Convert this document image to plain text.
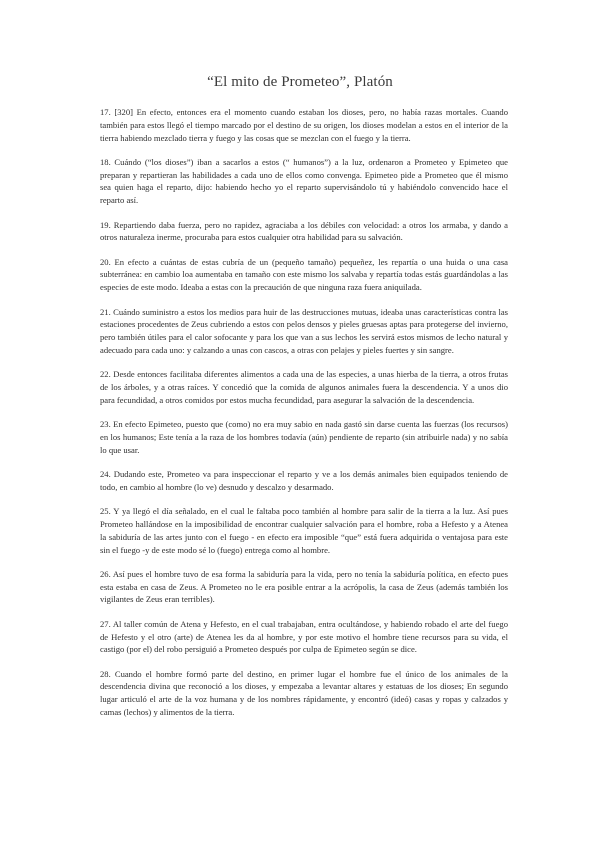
“El mito de Prometeo”, Platón

17. [320] En efecto, entonces era el momento cuando estaban los dioses, pero, no había razas mortales. Cuando también para estos llegó el tiempo marcado por el destino de su origen, los dioses modelan a estos en el interior de la tierra habiendo mezclado tierra y fuego y las cosas que se mezclan con el fuego y la tierra.

18. Cuándo (“los dioses”) iban a sacarlos a estos (“ humanos”) a la luz, ordenaron a Prometeo y Epimeteo que preparan y repartieran las habilidades a cada uno de ellos como convenga. Epimeteo pide a Prometeo que él mismo sea quien haga el reparto, dijo: habiendo hecho yo el reparto supervisándolo tú y habiéndolo convencido hace el reparto así.

19. Repartiendo daba fuerza, pero no rapidez, agraciaba a los débiles con velocidad: a otros los armaba, y dando a otros naturaleza inerme, procuraba para estos cualquier otra habilidad para su salvación.

20. En efecto a cuántas de estas cubría de un (pequeño tamaño) pequeñez, les repartía o una huida o una casa subterránea: en cambio loa aumentaba en tamaño con este mismo los salvaba y repartía todas estás guardándolas a las especies de este modo. Ideaba a estas con la precaución de que ninguna raza fuera aniquilada.

21. Cuándo suministro a estos los medios para huir de las destrucciones mutuas, ideaba unas características contra las estaciones procedentes de Zeus cubriendo a estos con pelos densos y pieles gruesas aptas para protegerse del invierno, pero también útiles para el calor sofocante y para los que van a sus lechos les servirá estos mismos de lecho natural y adecuado para cada uno: y calzando a unas con cascos, a otras con pelajes y pieles fuertes y sin sangre.

22. Desde entonces facilitaba diferentes alimentos a cada una de las especies, a unas hierba de la tierra, a otros frutas de los árboles, y a otras raíces. Y concedió que la comida de algunos animales fuera la descendencia. Y a unos dio para fecundidad, a otros comidos por estos mucha fecundidad, para asegurar la salvación de la descendencia.

23. En efecto Epimeteo, puesto que (como) no era muy sabio en nada gastó sin darse cuenta las fuerzas (los recursos) en los humanos; Este tenía a la raza de los hombres todavía (aún) pendiente de reparto (sin atribuirle nada) y no sabía lo que usar.

24. Dudando este, Prometeo va para inspeccionar el reparto y ve a los demás animales bien equipados teniendo de todo, en cambio al hombre (lo ve) desnudo y descalzo y desarmado.

25. Y ya llegó el día señalado, en el cual le faltaba poco también al hombre para salir de la tierra a la luz. Así pues Prometeo hallándose en la imposibilidad de encontrar cualquier salvación para el hombre, roba a Hefesto y a Atenea la sabiduría de las artes junto con el fuego - en efecto era imposible “que” está fuera adquirida o ventajosa para este sin el fuego -y de este modo sé lo (fuego) entrega como al hombre.

26. Así pues el hombre tuvo de esa forma la sabiduría para la vida, pero no tenía la sabiduría política, en efecto pues esta estaba en casa de Zeus. A Prometeo no le era posible entrar a la acrópolis, la casa de Zeus (además también los vigilantes de Zeus eran terribles).

27. Al taller común de Atena y Hefesto, en el cual trabajaban, entra ocultándose, y habiendo robado el arte del fuego de Hefesto y el otro (arte) de Atenea les da al hombre, y por este motivo el hombre tiene recursos para su vida, el castigo (por el) del robo persiguió a Prometeo después por culpa de Epimeteo según se dice.

28. Cuando el hombre formó parte del destino, en primer lugar el hombre fue el único de los animales de la descendencia divina que reconoció a los dioses, y empezaba a levantar altares y estatuas de los dioses; En segundo lugar articuló el arte de la voz humana y de los nombres rápidamente, y encontró (ideó) casas y ropas y calzados y camas (lechos) y alimentos de la tierra.
